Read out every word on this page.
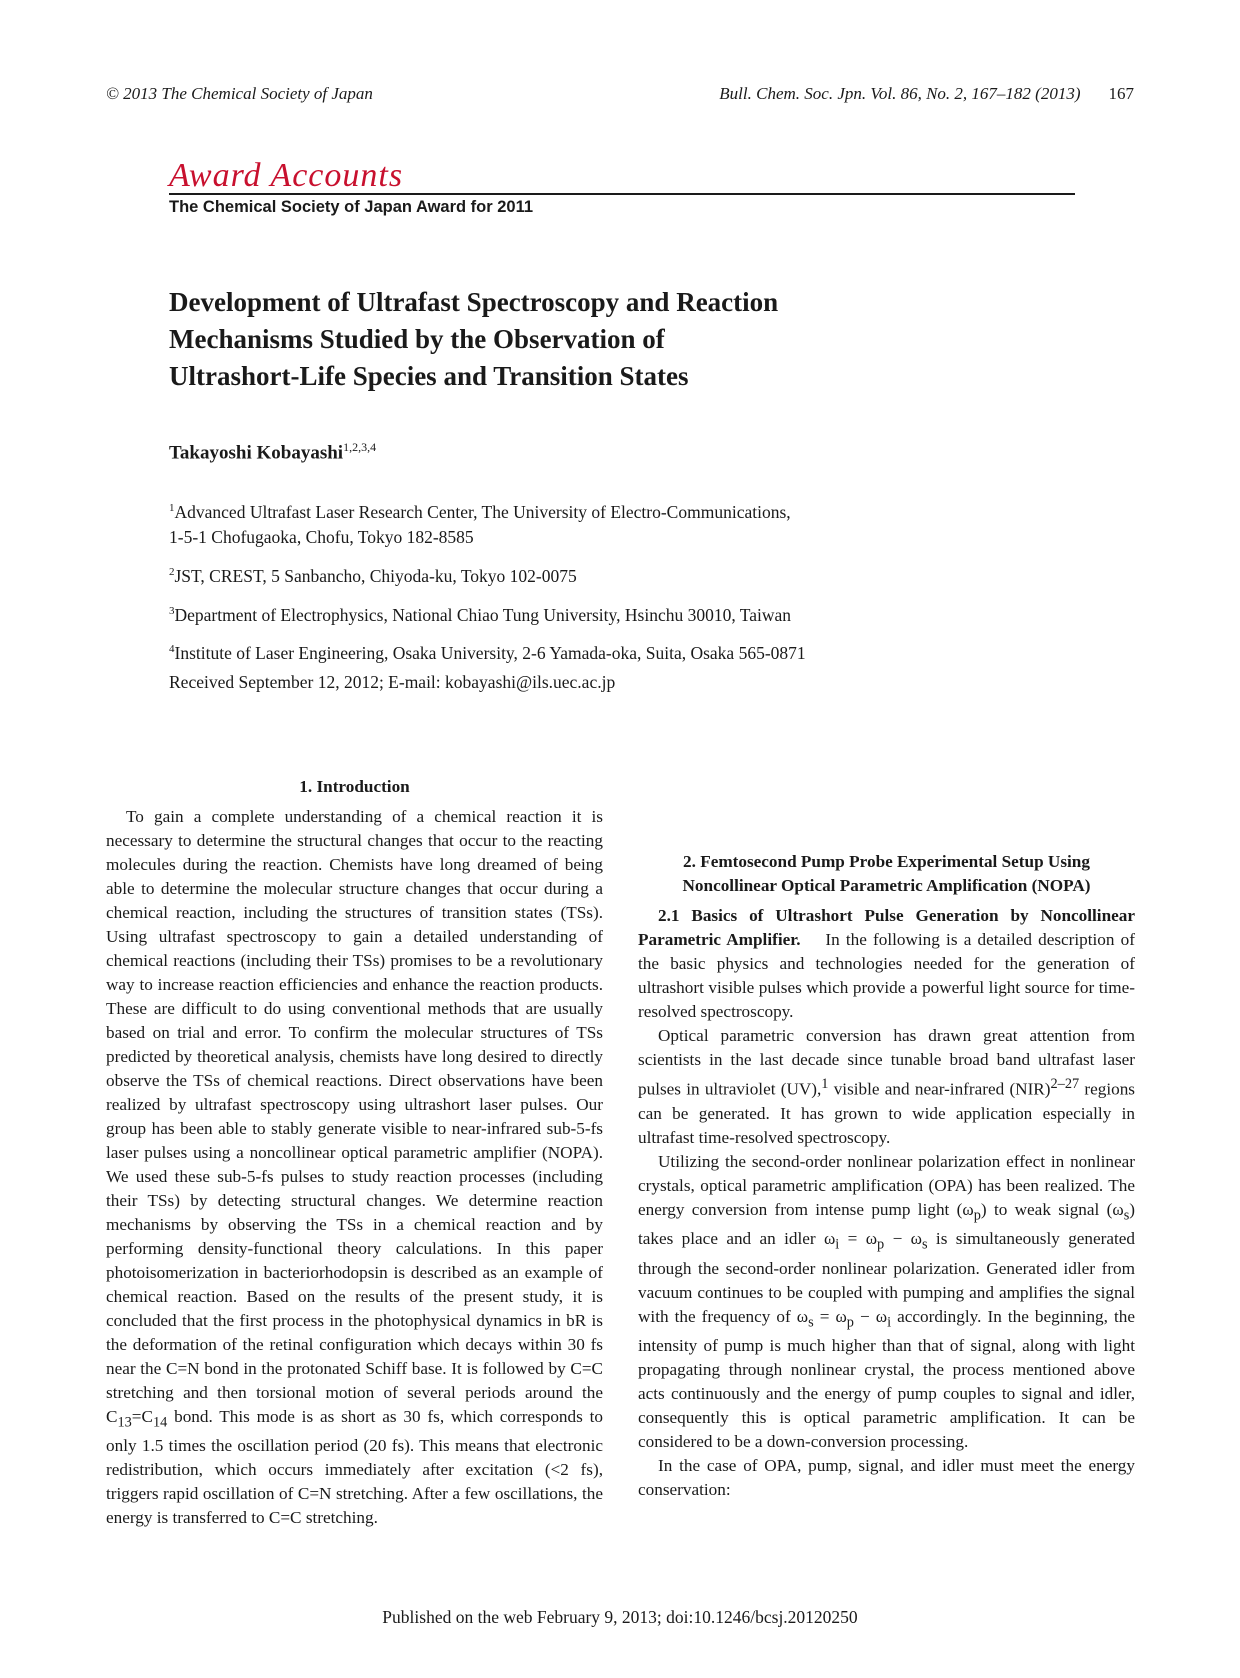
© 2013 The Chemical Society of Japan	Bull. Chem. Soc. Jpn. Vol. 86, No. 2, 167–182 (2013) 167
Award Accounts
The Chemical Society of Japan Award for 2011
Development of Ultrafast Spectroscopy and Reaction
Mechanisms Studied by the Observation of
Ultrashort-Life Species and Transition States
Takayoshi Kobayashi$^{1,2,3,4}$
$^1$Advanced Ultrafast Laser Research Center, The University of Electro-Communications,
1-5-1 Chofugaoka, Chofu, Tokyo 182-8585
$^2$JST, CREST, 5 Sanbancho, Chiyoda-ku, Tokyo 102-0075
$^3$Department of Electrophysics, National Chiao Tung University, Hsinchu 30010, Taiwan
$^4$Institute of Laser Engineering, Osaka University, 2-6 Yamada-oka, Suita, Osaka 565-0871
Received September 12, 2012; E-mail: kobayashi@ils.uec.ac.jp
1. Introduction

To gain a complete understanding of a chemical reaction it is necessary to determine the structural changes that occur to the reacting molecules during the reaction. Chemists have long dreamed of being able to determine the molecular structure changes that occur during a chemical reaction, including the structures of transition states (TSs). Using ultrafast spectroscopy to gain a detailed understanding of chemical reactions (including their TSs) promises to be a revolutionary way to increase reaction efficiencies and enhance the reaction products. These are difficult to do using conventional methods that are usually based on trial and error. To confirm the molecular structures of TSs predicted by theoretical analysis, chemists have long desired to directly observe the TSs of chemical reactions. Direct observations have been realized by ultrafast spectroscopy using ultrashort laser pulses. Our group has been able to stably generate visible to near-infrared sub-5-fs laser pulses using a noncollinear optical parametric amplifier (NOPA). We used these sub-5-fs pulses to study reaction processes (including their TSs) by detecting structural changes. We determine reaction mechanisms by observing the TSs in a chemical reaction and by performing density-functional theory calculations. In this paper photoisomerization in bacteriorhodopsin is described as an example of chemical reaction. Based on the results of the present study, it is concluded that the first process in the photophysical dynamics in bR is the deformation of the retinal configuration which decays within 30 fs near the C=N bond in the protonated Schiff base. It is followed by C=C stretching and then torsional motion of several periods around the $C_{13}=C_{14}$ bond. This mode is as short as 30 fs, which corresponds to only 1.5 times the oscillation period (20 fs). This means that electronic redistribution, which occurs immediately after excitation (<2 fs), triggers rapid oscillation of C=N stretching. After a few oscillations, the energy is transferred to C=C stretching.

2. Femtosecond Pump Probe Experimental Setup Using
Noncollinear Optical Parametric Amplification (NOPA)

2.1 Basics of Ultrashort Pulse Generation by Noncollinear Parametric Amplifier. In the following is a detailed description of the basic physics and technologies needed for the generation of ultrashort visible pulses which provide a powerful light source for time-resolved spectroscopy.

Optical parametric conversion has drawn great attention from scientists in the last decade since tunable broad band ultrafast laser pulses in ultraviolet (UV),$^1$ visible and near-infrared (NIR)$^{2-27}$ regions can be generated. It has grown to wide application especially in ultrafast time-resolved spectroscopy.

Utilizing the second-order nonlinear polarization effect in nonlinear crystals, optical parametric amplification (OPA) has been realized. The energy conversion from intense pump light $(\omega_p)$ to weak signal $(\omega_s)$ takes place and an idler $\omega_i = \omega_p - \omega_s$ is simultaneously generated through the second-order nonlinear polarization. Generated idler from vacuum continues to be coupled with pumping and amplifies the signal with the frequency of $\omega_s = \omega_p - \omega_i$ accordingly. In the beginning, the intensity of pump is much higher than that of signal, along with light propagating through nonlinear crystal, the process mentioned above acts continuously and the energy of pump couples to signal and idler, consequently this is optical parametric amplification. It can be considered to be a down-conversion processing.

In the case of OPA, pump, signal, and idler must meet the energy conservation:

Published on the web February 9, 2013; doi:10.1246/bcsj.20120250
